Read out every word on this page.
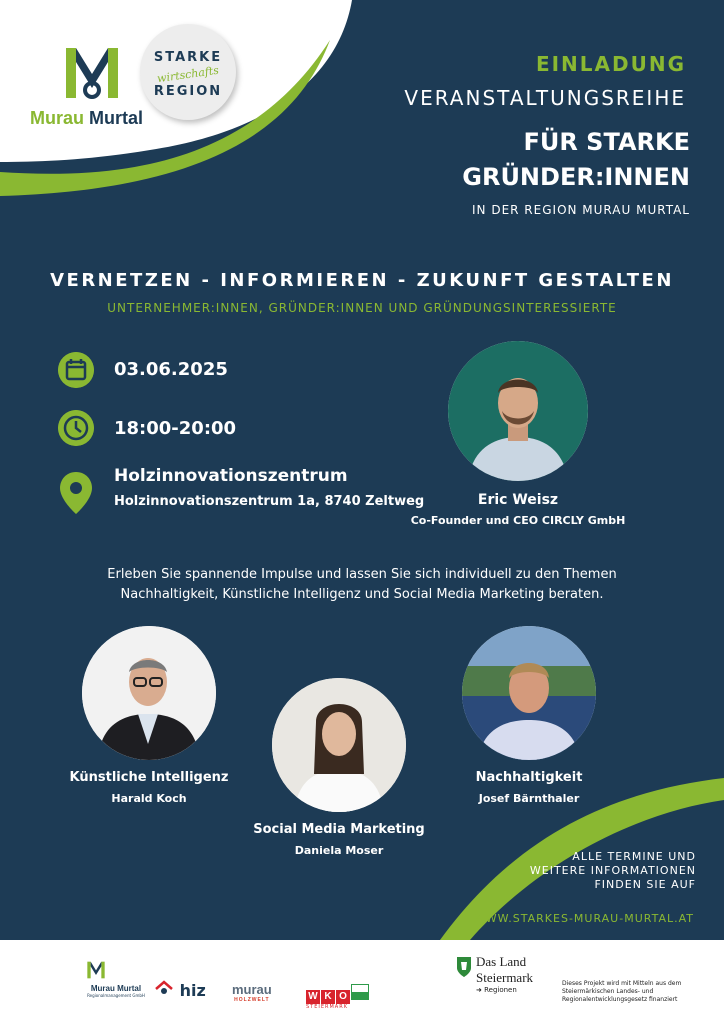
Murau Murtal
STARKE
wirtschafts
REGION
EINLADUNG
VERANSTALTUNGSREIHE
FÜR STARKE
GRÜNDER:INNEN
IN DER REGION MURAU MURTAL
VERNETZEN - INFORMIEREN - ZUKUNFT GESTALTEN
UNTERNEHMER:INNEN, GRÜNDER:INNEN UND GRÜNDUNGSINTERESSIERTE
03.06.2025
18:00-20:00
Holzinnovationszentrum
Holzinnovationszentrum 1a, 8740 Zeltweg	Eric Weisz
Co-Founder und CEO CIRCLY GmbH
Erleben Sie spannende Impulse und lassen Sie sich individuell zu den Themen Nachhaltigkeit, Künstliche Intelligenz und Social Media Marketing beraten.
Künstliche Intelligenz
Harald Koch
Social Media Marketing
Daniela Moser
Nachhaltigkeit
Josef Bärnthaler
ALLE TERMINE UND WEITERE INFORMATIONEN FINDEN SIE AUF
WWW.STARKES-MURAU-MURTAL.AT
Murau Murtal
Regionalmanagement GmbH	hiz murau
HOLZWELT	W K O
STEIERMARK
Das Land
Steiermark
➜ Regionen
Dieses Projekt wird mit Mitteln aus dem Steiermärkischen Landes- und Regionalentwicklungsgesetz finanziert
